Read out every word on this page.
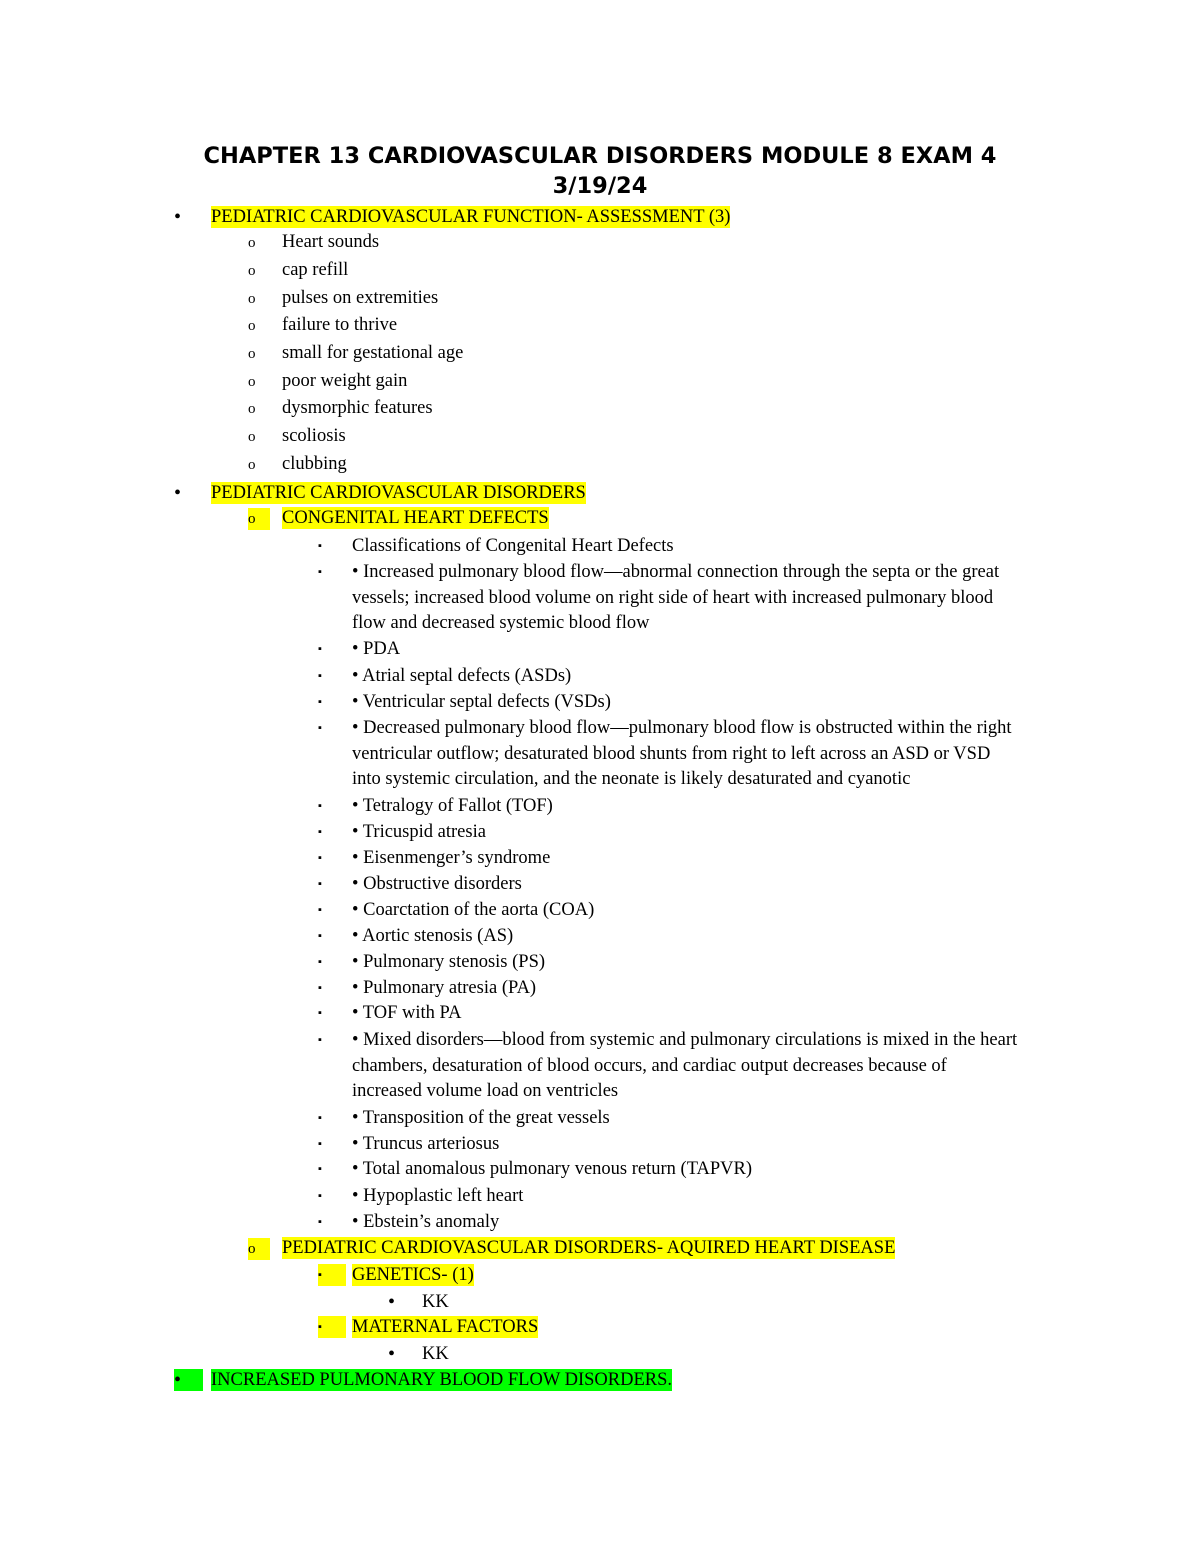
CHAPTER 13 CARDIOVASCULAR DISORDERS MODULE 8 EXAM 4
3/19/24
• PEDIATRIC CARDIOVASCULAR FUNCTION- ASSESSMENT (3)
o Heart sounds
o cap refill
o pulses on extremities
o failure to thrive
o small for gestational age
o poor weight gain
o dysmorphic features
o scoliosis
o clubbing
• PEDIATRIC CARDIOVASCULAR DISORDERS
o	CONGENITAL HEART DEFECTS
▪ Classifications of Congenital Heart Defects
▪ • Increased pulmonary blood flow—abnormal connection through the septa or the great
vessels; increased blood volume on right side of heart with increased pulmonary blood
flow and decreased systemic blood flow
▪ • PDA
▪ • Atrial septal defects (ASDs)
▪ • Ventricular septal defects (VSDs)
▪ • Decreased pulmonary blood flow—pulmonary blood flow is obstructed within the right
ventricular outflow; desaturated blood shunts from right to left across an ASD or VSD
into systemic circulation, and the neonate is likely desaturated and cyanotic
▪ • Tetralogy of Fallot (TOF)
▪ • Tricuspid atresia
▪ • Eisenmenger’s syndrome
▪ • Obstructive disorders
▪ • Coarctation of the aorta (COA)
▪ • Aortic stenosis (AS)
▪ • Pulmonary stenosis (PS)
▪ • Pulmonary atresia (PA)
▪ • TOF with PA
▪ • Mixed disorders—blood from systemic and pulmonary circulations is mixed in the heart
chambers, desaturation of blood occurs, and cardiac output decreases because of
increased volume load on ventricles
▪ • Transposition of the great vessels
▪ • Truncus arteriosus
▪ • Total anomalous pulmonary venous return (TAPVR)
▪ • Hypoplastic left heart
▪ • Ebstein’s anomaly
o	PEDIATRIC CARDIOVASCULAR DISORDERS- AQUIRED HEART DISEASE
▪	GENETICS- (1)
• KK
▪	MATERNAL FACTORS
• KK
•	INCREASED PULMONARY BLOOD FLOW DISORDERS.
